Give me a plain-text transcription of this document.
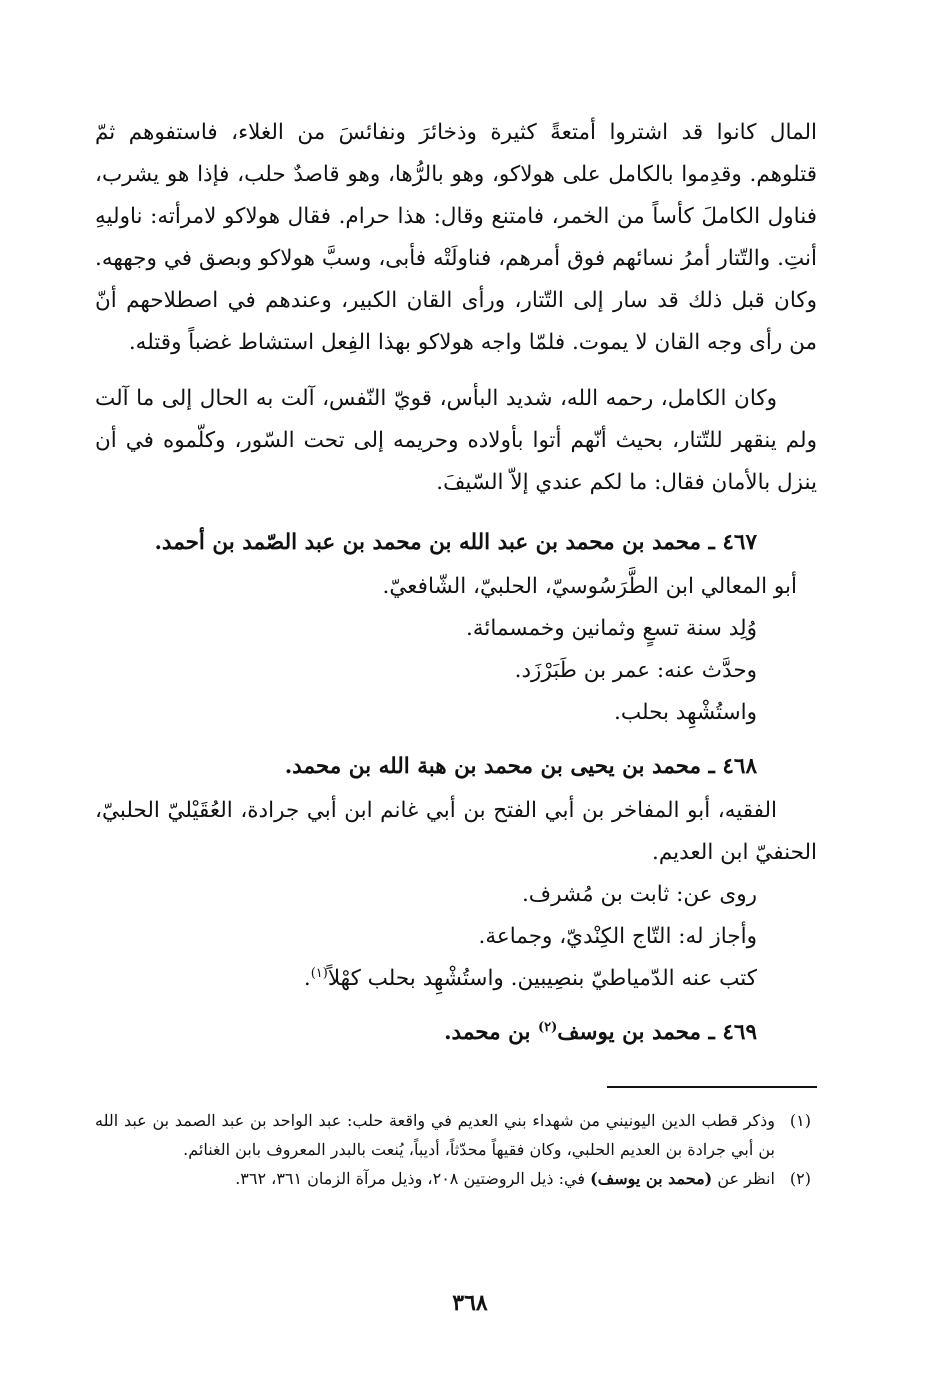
المال كانوا قد اشتروا أمتعةً كثيرة وذخائرَ ونفائسَ من الغلاء، فاستفوهم ثمّ قتلوهم. وقدِموا بالكامل على هولاكو، وهو بالرُّها، وهو قاصدٌ حلب، فإذا هو يشرب، فناول الكاملَ كأساً من الخمر، فامتنع وقال: هذا حرام. فقال هولاكو لامرأته: ناوليهِ أنتِ. والتّتار أمرُ نسائهم فوق أمرهم، فناولَتْه فأبى، وسبَّ هولاكو وبصق في وجههه. وكان قبل ذلك قد سار إلى التّتار، ورأى القان الكبير، وعندهم في اصطلاحهم أنّ من رأى وجه القان لا يموت. فلمّا واجه هولاكو بهذا الفِعل استشاط غضباً وقتله.

وكان الكامل، رحمه الله، شديد البأس، قويّ النّفس، آلت به الحال إلى ما آلت ولم ينقهر للتّتار، بحيث أنّهم أتوا بأولاده وحريمه إلى تحت السّور، وكلّموه في أن ينزل بالأمان فقال: ما لكم عندي إلاّ السّيفَ.

٤٦٧ ـ محمد بن محمد بن عبد الله بن محمد بن عبد الصّمد بن أحمد.

أبو المعالي ابن الطَّرَسُوسيّ، الحلبيّ، الشّافعيّ.

وُلِد سنة تسعٍ وثمانين وخمسمائة.

وحدَّث عنه: عمر بن طَبَرْزَد.

واستُشْهِد بحلب.

٤٦٨ ـ محمد بن يحيى بن محمد بن هبة الله بن محمد.

الفقيه، أبو المفاخر بن أبي الفتح بن أبي غانم ابن أبي جرادة، العُقَيْليّ الحلبيّ، الحنفيّ ابن العديم.

روى عن: ثابت بن مُشرف.

وأجاز له: التّاج الكِنْديّ، وجماعة.

كتب عنه الدّمياطيّ بنصِيبين. واستُشْهِد بحلب كهْلاً$^{(١)}$.

٤٦٩ ـ محمد بن يوسف$^{(٢)}$ بن محمد.

(١)
وذكر قطب الدين اليونيني من شهداء بني العديم في واقعة حلب: عبد الواحد بن عبد الصمد بن عبد الله بن أبي جرادة بن العديم الحلبي، وكان فقيهاً محدّثاً، أديباً، يُنعت بالبدر المعروف بابن الغنائم.
(٢)
انظر عن (محمد بن يوسف) في: ذيل الروضتين ٢٠٨، وذيل مرآة الزمان ٣٦١، ٣٦٢.
٣٦٨
